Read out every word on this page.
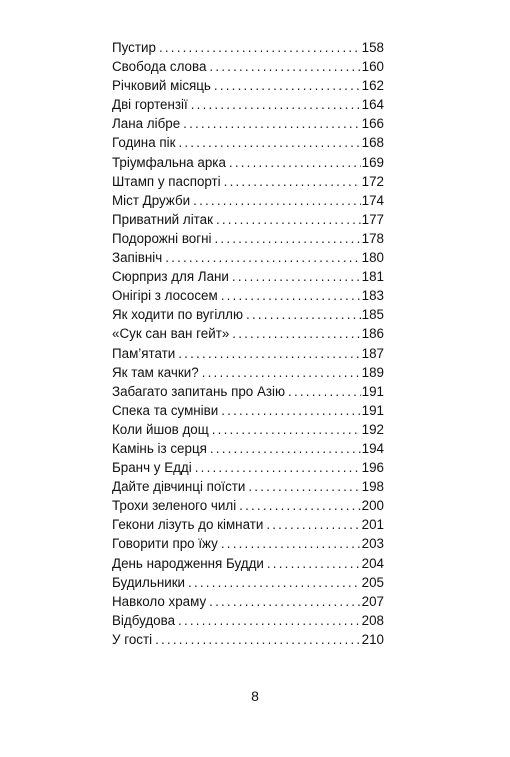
Пустир .....	158
Свобода слова .....	160
Річковий місяць .....	162
Дві гортензії .....	164
Лана лібре .....	166
Година пік .....	168
Тріумфальна арка .....	169
Штамп у паспорті .....	172
Міст Дружби .....	174
Приватний літак .....	177
Подорожні вогні .....	178
Запівніч .....	180
Сюрприз для Лани .....	181
Онігірі з лососем .....	183
Як ходити по вугіллю .....	185
«Сук сан ван гейт» .....	186
Пам’ятати .....	187
Як там качки? .....	189
Забагато запитань про Азію .....	191
Спека та сумніви .....	191
Коли йшов дощ .....	192
Камінь із серця .....	194
Бранч у Едді .....	196
Дайте дівчинці поїсти .....	198
Трохи зеленого чилі .....	200
Гекони лізуть до кімнати .....	201
Говорити про їжу .....	203
День народження Будди .....	204
Будильники .....	205
Навколо храму .....	207
Відбудова .....	208
У гості .....	210
8
